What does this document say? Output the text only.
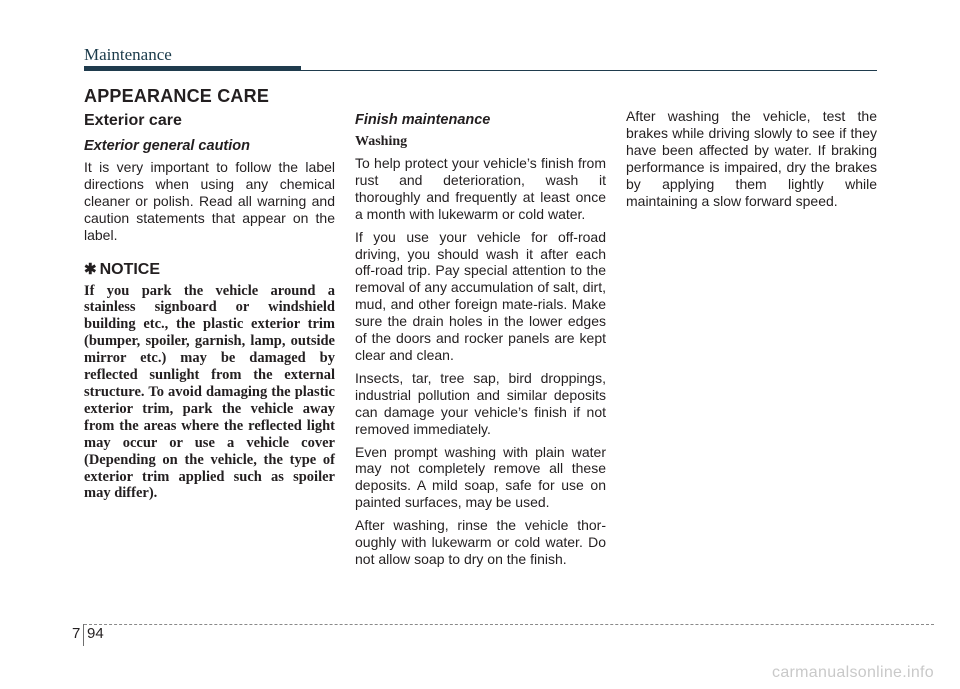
Maintenance
APPEARANCE CARE
Exterior care
Exterior general caution

It is very important to follow the label directions when using any chemical cleaner or polish. Read all warning and caution statements that appear on the label.

✱ NOTICE

If you park the vehicle around a stainless signboard or windshield building etc., the plastic exterior trim (bumper, spoiler, garnish, lamp, outside mirror etc.) may be damaged by reflected sunlight from the external structure. To avoid damaging the plastic exterior trim, park the vehicle away from the areas where the reflected light may occur or use a vehicle cover (Depending on the vehicle, the type of exterior trim applied such as spoiler may differ).

Finish maintenance
Washing

To help protect your vehicle’s finish from rust and deterioration, wash it thoroughly and frequently at least once a month with lukewarm or cold water.

If you use your vehicle for off-road driving, you should wash it after each off-road trip. Pay special attention to the removal of any accumulation of salt, dirt, mud, and other foreign mate-rials. Make sure the drain holes in the lower edges of the doors and rocker panels are kept clear and clean.

Insects, tar, tree sap, bird droppings, industrial pollution and similar deposits can damage your vehicle’s finish if not removed immediately.

Even prompt washing with plain water may not completely remove all these deposits. A mild soap, safe for use on painted surfaces, may be used.

After washing, rinse the vehicle thor-oughly with lukewarm or cold water. Do not allow soap to dry on the finish.

After washing the vehicle, test the brakes while driving slowly to see if they have been affected by water. If braking performance is impaired, dry the brakes by applying them lightly while maintaining a slow forward speed.

7 94
carmanualsonline.info
